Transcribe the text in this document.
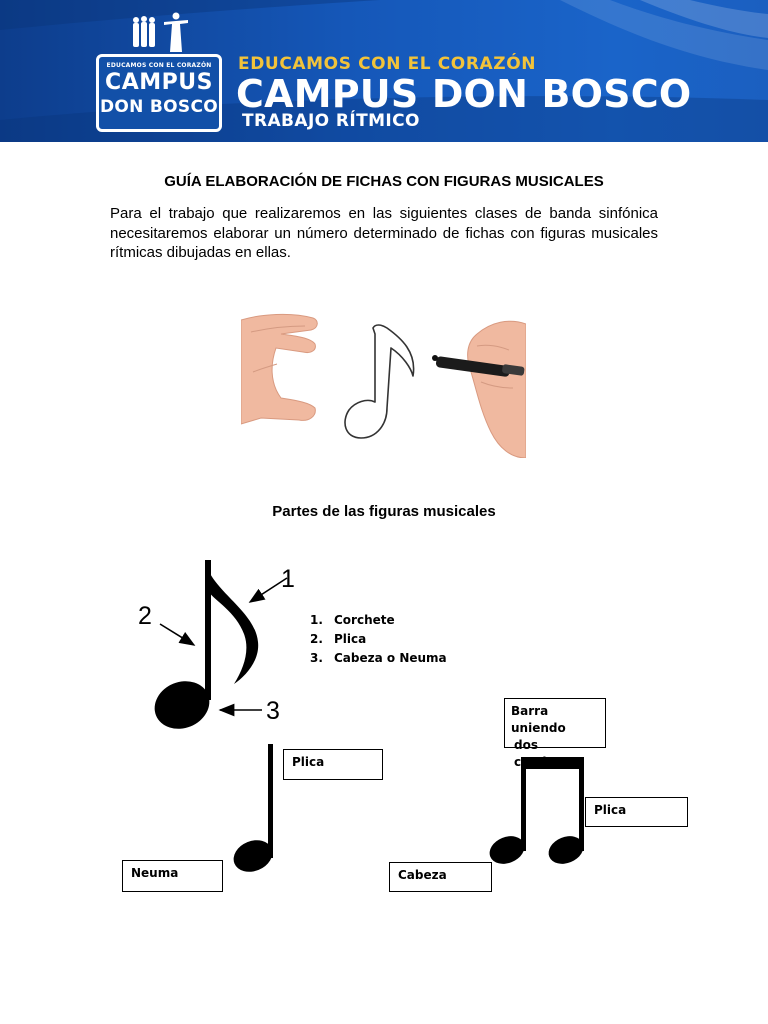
EDUCAMOS CON EL CORAZÓN
CAMPUS
DON BOSCO
EDUCAMOS CON EL CORAZÓN
CAMPUS DON BOSCO
TRABAJO RÍTMICO
GUÍA ELABORACIÓN DE FICHAS CON FIGURAS MUSICALES

Para el trabajo que realizaremos en las siguientes clases de banda sinfónica necesitaremos elaborar un número determinado de fichas con figuras musicales rítmicas dibujadas en ellas.

Partes de las figuras musicales
1
2
3
1. Corchete
2. Plica
3. Cabeza o Neuma
Plica
Neuma
Barra uniendo
dos corcheas
Plica
Cabeza
